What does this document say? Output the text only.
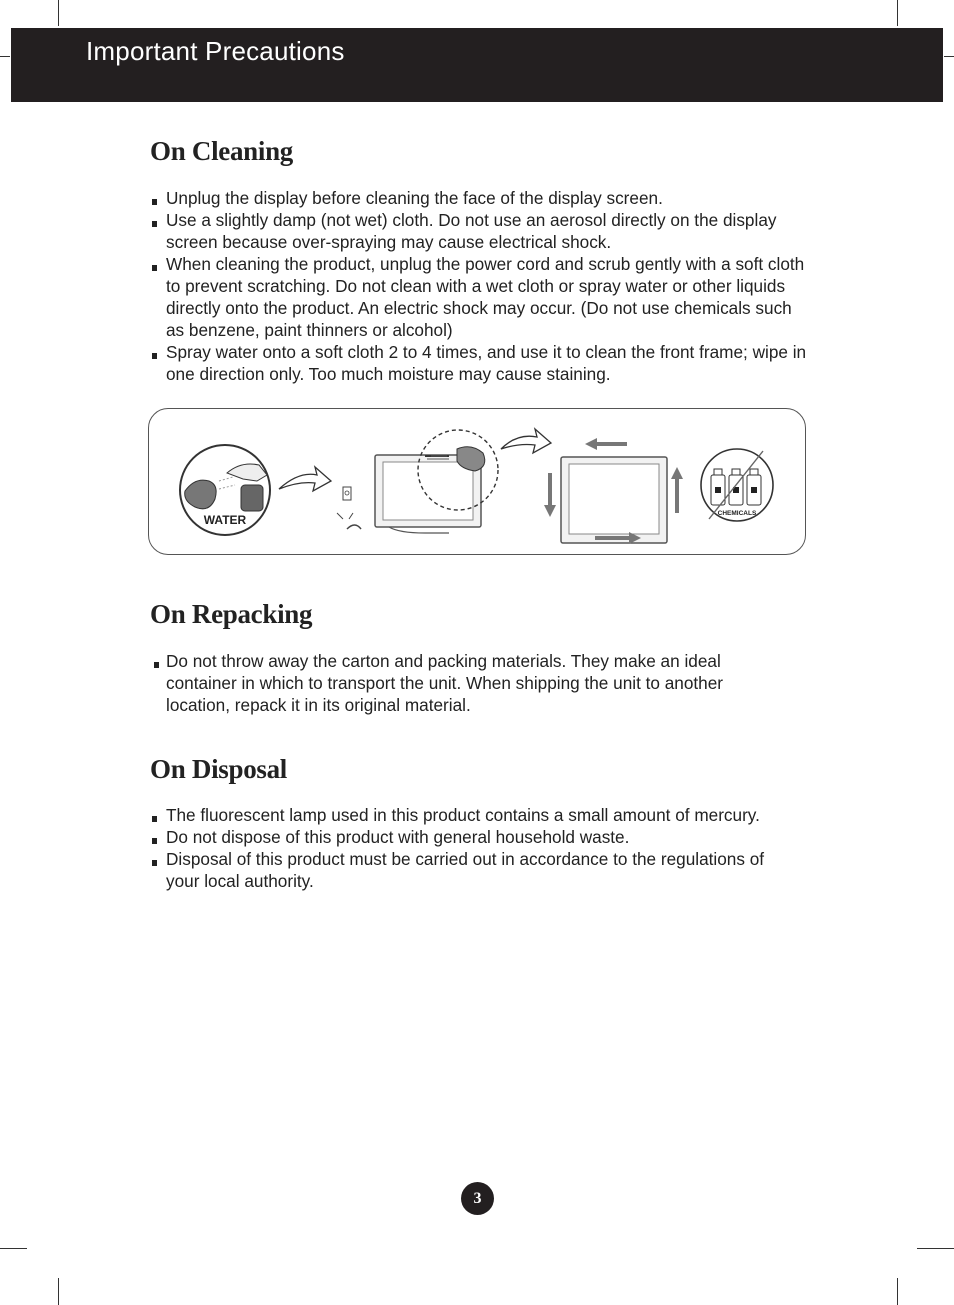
Important Precautions
On Cleaning
Unplug the display before cleaning the face of the display screen.
Use a slightly damp (not wet) cloth. Do not use an aerosol directly on the display screen because over-spraying may cause electrical shock.
When cleaning the product, unplug the power cord and scrub gently with a soft cloth to prevent scratching. Do not clean with a wet cloth or spray water or other liquids directly onto the product. An electric shock may occur. (Do not use chemicals such as benzene, paint thinners or alcohol)
Spray water onto a soft cloth 2 to 4 times, and use it to clean the front frame; wipe in one direction only. Too much moisture may cause staining.
WATER	CHEMICALS
On Repacking
Do not throw away the carton and packing materials. They make an ideal container in which to transport the unit. When shipping the unit to another location, repack it in its original material.
On Disposal
The fluorescent lamp used in this product contains a small amount of mercury.
Do not dispose of this product with general household waste.
Disposal of this product must be carried out in accordance to the regulations of your local authority.
3
